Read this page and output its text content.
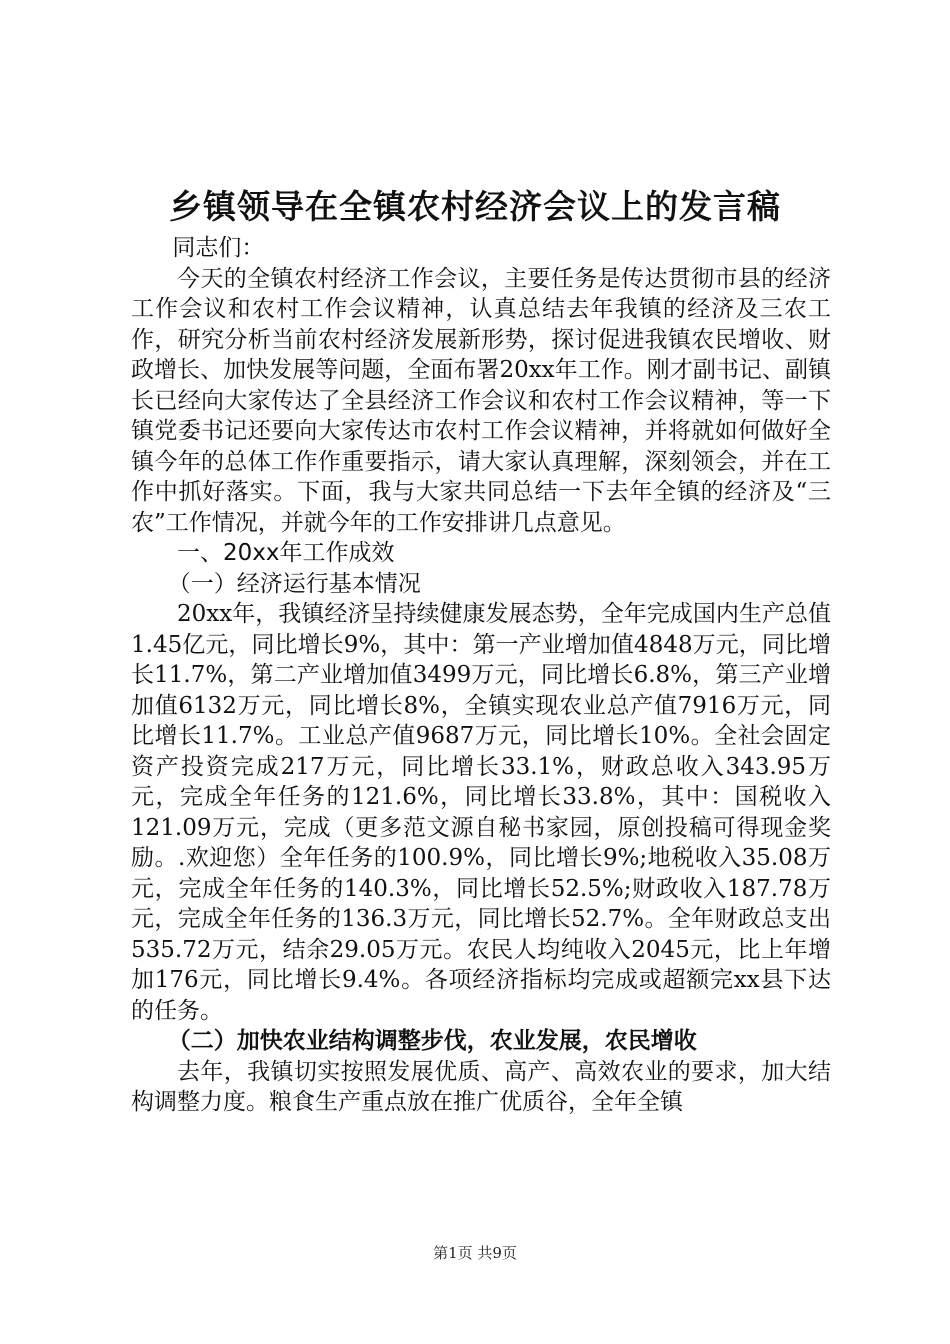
乡镇领导在全镇农村经济会议上的发言稿

同志们：

今天的全镇农村经济工作会议，主要任务是传达贯彻市县的经济工作会议和农村工作会议精神，认真总结去年我镇的经济及三农工作，研究分析当前农村经济发展新形势，探讨促进我镇农民增收、财政增长、加快发展等问题，全面布署20xx年工作。刚才副书记、副镇长已经向大家传达了全县经济工作会议和农村工作会议精神，等一下镇党委书记还要向大家传达市农村工作会议精神，并将就如何做好全镇今年的总体工作作重要指示，请大家认真理解，深刻领会，并在工作中抓好落实。下面，我与大家共同总结一下去年全镇的经济及“三农”工作情况，并就今年的工作安排讲几点意见。

一、20xx年工作成效
（一）经济运行基本情况

20xx年，我镇经济呈持续健康发展态势，全年完成国内生产总值1.45亿元，同比增长9%，其中：第一产业增加值4848万元，同比增长11.7%，第二产业增加值3499万元，同比增长6.8%，第三产业增加值6132万元，同比增长8%，全镇实现农业总产值7916万元，同比增长11.7%。工业总产值9687万元，同比增长10%。全社会固定资产投资完成217万元，同比增长33.1%，财政总收入343.95万元，完成全年任务的121.6%，同比增长33.8%，其中：国税收入121.09万元，完成（更多范文源自秘书家园，原创投稿可得现金奖励。.欢迎您）全年任务的100.9%，同比增长9%;地税收入35.08万元，完成全年任务的140.3%，同比增长52.5%;财政收入187.78万元，完成全年任务的136.3万元，同比增长52.7%。全年财政总支出535.72万元，结余29.05万元。农民人均纯收入2045元，比上年增加176元，同比增长9.4%。各项经济指标均完成或超额完xx县下达的任务。

（二）加快农业结构调整步伐，农业发展，农民增收

去年，我镇切实按照发展优质、高产、高效农业的要求，加大结构调整力度。粮食生产重点放在推广优质谷，全年全镇

第1页 共9页
